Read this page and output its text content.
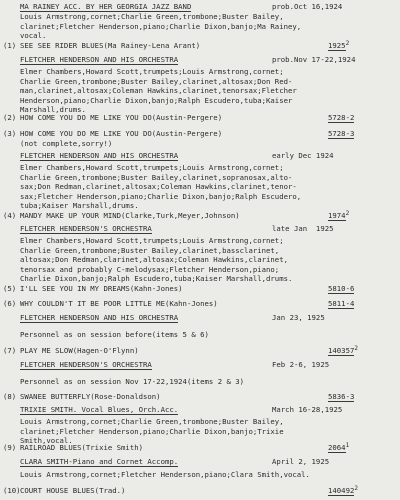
MA RAINEY ACC. BY HER GEORGIA JAZZ BAND	prob.Oct 16,1924
Louis Armstrong,cornet;Charlie Green,trombone;Buster Bailey,
clarinet;Fletcher Henderson,piano;Charlie Dixon,banjo;Ma Rainey,
vocal.
(1) SEE SEE RIDER BLUES(Ma Rainey-Lena Arant)	1925$^2$
FLETCHER HENDERSON AND HIS ORCHESTRA	prob.Nov 17-22,1924
Elmer Chambers,Howard Scott,trumpets;Louis Armstrong,cornet;
Charlie Green,trombone;Buster Bailey,clarinet,altosax;Don Red-
man,clarinet,altosax;Coleman Hawkins,clarinet,tenorsax;Fletcher
Henderson,piano;Charlie Dixon,banjo;Ralph Escudero,tuba;Kaiser
Marshall,drums.
(2) HOW COME YOU DO ME LIKE YOU DO(Austin-Pergere)	5728-2
(3) HOW COME YOU DO ME LIKE YOU DO(Austin-Pergere)	5728-3
(not complete,sorry!)
FLETCHER HENDERSON AND HIS ORCHESTRA	early Dec 1924
Elmer Chambers,Howard Scott,trumpets;Louis Armstrong,cornet;
Charlie Green,trombone;Buster Bailey,clarinet,sopranosax,alto-
sax;Don Redman,clarinet,altosax;Coleman Hawkins,clarinet,tenor-
sax;Fletcher Henderson,piano;Charlie Dixon,banjo;Ralph Escudero,
tuba;Kaiser Marshall,drums.
(4) MANDY MAKE UP YOUR MIND(Clarke,Turk,Meyer,Johnson)	1974$^2$
FLETCHER HENDERSON'S ORCHESTRA	late Jan  1925
Elmer Chambers,Howard Scott,trumpets;Louis Armstrong,cornet;
Charlie Green,trombone;Buster Bailey,clarinet,bassclarinet,
altosax;Don Redman,clarinet,altosax;Coleman Hawkins,clarinet,
tenorsax and probably C-melodysax;Fletcher Henderson,piano;
Charlie Dixon,banjo;Ralph Escudero,tuba;Kaiser Marshall,drums.
(5) I'LL SEE YOU IN MY DREAMS(Kahn-Jones)	5810-6
(6) WHY COULDN'T IT BE POOR LITTLE ME(Kahn-Jones)	5811-4
FLETCHER HENDERSON AND HIS ORCHESTRA	Jan 23, 1925
Personnel as on session before(items 5 & 6)
(7) PLAY ME SLOW(Hagen-O'Flynn)	140357$^2$
FLETCHER HENDERSON'S ORCHESTRA	Feb 2-6, 1925
Personnel as on session Nov 17-22,1924(items 2 & 3)
(8) SWANEE BUTTERFLY(Rose-Donaldson)	5836-3
TRIXIE SMITH. Vocal Blues, Orch.Acc.	March 16-28,1925
Louis Armstrong,cornet;Charlie Green,trombone;Buster Bailey,
clarinet;Fletcher Henderson,piano;Charlie Dixon,banjo;Trixie
Smith,vocal.
(9) RAILROAD BLUES(Trixie Smith)	2064$^1$
CLARA SMITH-Piano and Cornet Accomp.	April 2, 1925
Louis Armstrong,cornet;Fletcher Henderson,piano;Clara Smith,vocal.
(10) COURT HOUSE BLUES(Trad.)	140492$^2$
